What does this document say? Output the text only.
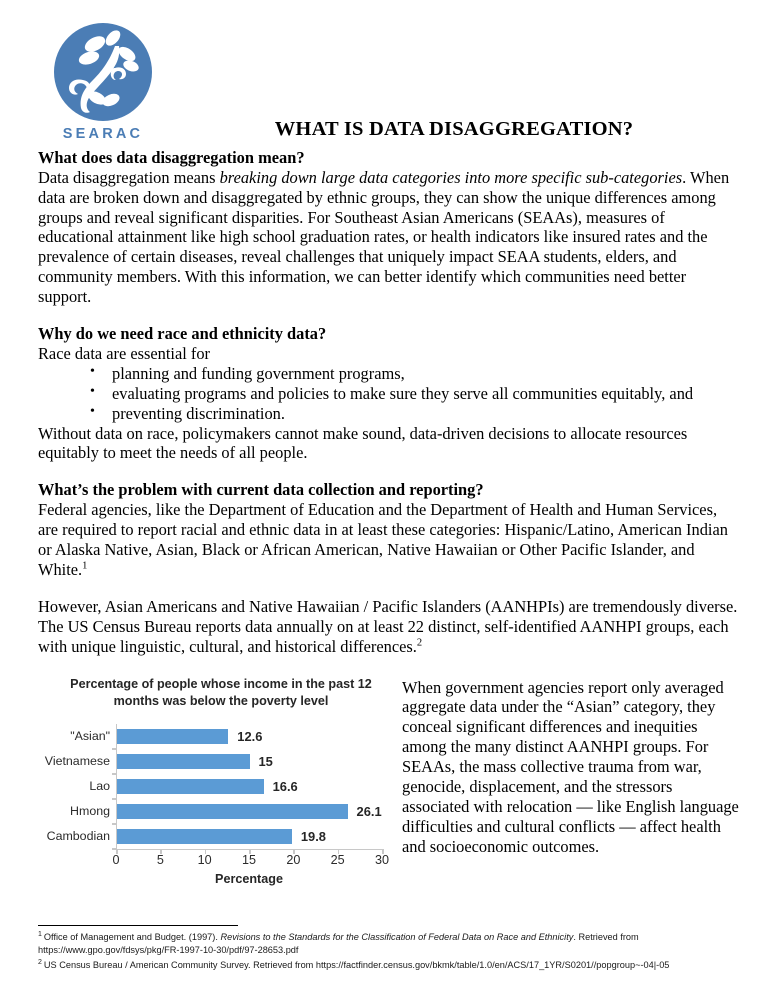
SEARAC	WHAT IS DATA DISAGGREGATION?
What does data disaggregation mean?

Data disaggregation means breaking down large data categories into more specific sub-categories. When data are broken down and disaggregated by ethnic groups, they can show the unique differences among groups and reveal significant disparities. For Southeast Asian Americans (SEAAs), measures of educational attainment like high school graduation rates, or health indicators like insured rates and the prevalence of certain diseases, reveal challenges that uniquely impact SEAA students, elders, and community members. With this information, we can better identify which communities need better support.

Why do we need race and ethnicity data?

Race data are essential for

• planning and funding government programs,
• evaluating programs and policies to make sure they serve all communities equitably, and
• preventing discrimination.

Without data on race, policymakers cannot make sound, data-driven decisions to allocate resources equitably to meet the needs of all people.

What’s the problem with current data collection and reporting?

Federal agencies, like the Department of Education and the Department of Health and Human Services, are required to report racial and ethnic data in at least these categories: Hispanic/Latino, American Indian or Alaska Native, Asian, Black or African American, Native Hawaiian or Other Pacific Islander, and White.$^1$

However, Asian Americans and Native Hawaiian / Pacific Islanders (AANHPIs) are tremendously diverse. The US Census Bureau reports data annually on at least 22 distinct, self-identified AANHPI groups, each with unique linguistic, cultural, and historical differences.$^2$

Percentage of people whose income in the past 12 months was below the poverty level
"Asian"	12.6
Vietnamese	15
Lao	16.6
Hmong	26.1
Cambodian	19.8
0	5	10 15 20 25 30
Percentage

When government agencies report only averaged aggregate data under the “Asian” category, they conceal significant differences and inequities among the many distinct AANHPI groups. For SEAAs, the mass collective trauma from war, genocide, displacement, and the stressors associated with relocation — like English language difficulties and cultural conflicts — affect health and socioeconomic outcomes.

$^1$ Office of Management and Budget. (1997). Revisions to the Standards for the Classification of Federal Data on Race and Ethnicity. Retrieved from https://www.gpo.gov/fdsys/pkg/FR-1997-10-30/pdf/97-28653.pdf
$^2$ US Census Bureau / American Community Survey. Retrieved from https://factfinder.census.gov/bkmk/table/1.0/en/ACS/17_1YR/S0201//popgroup~-04|-05
